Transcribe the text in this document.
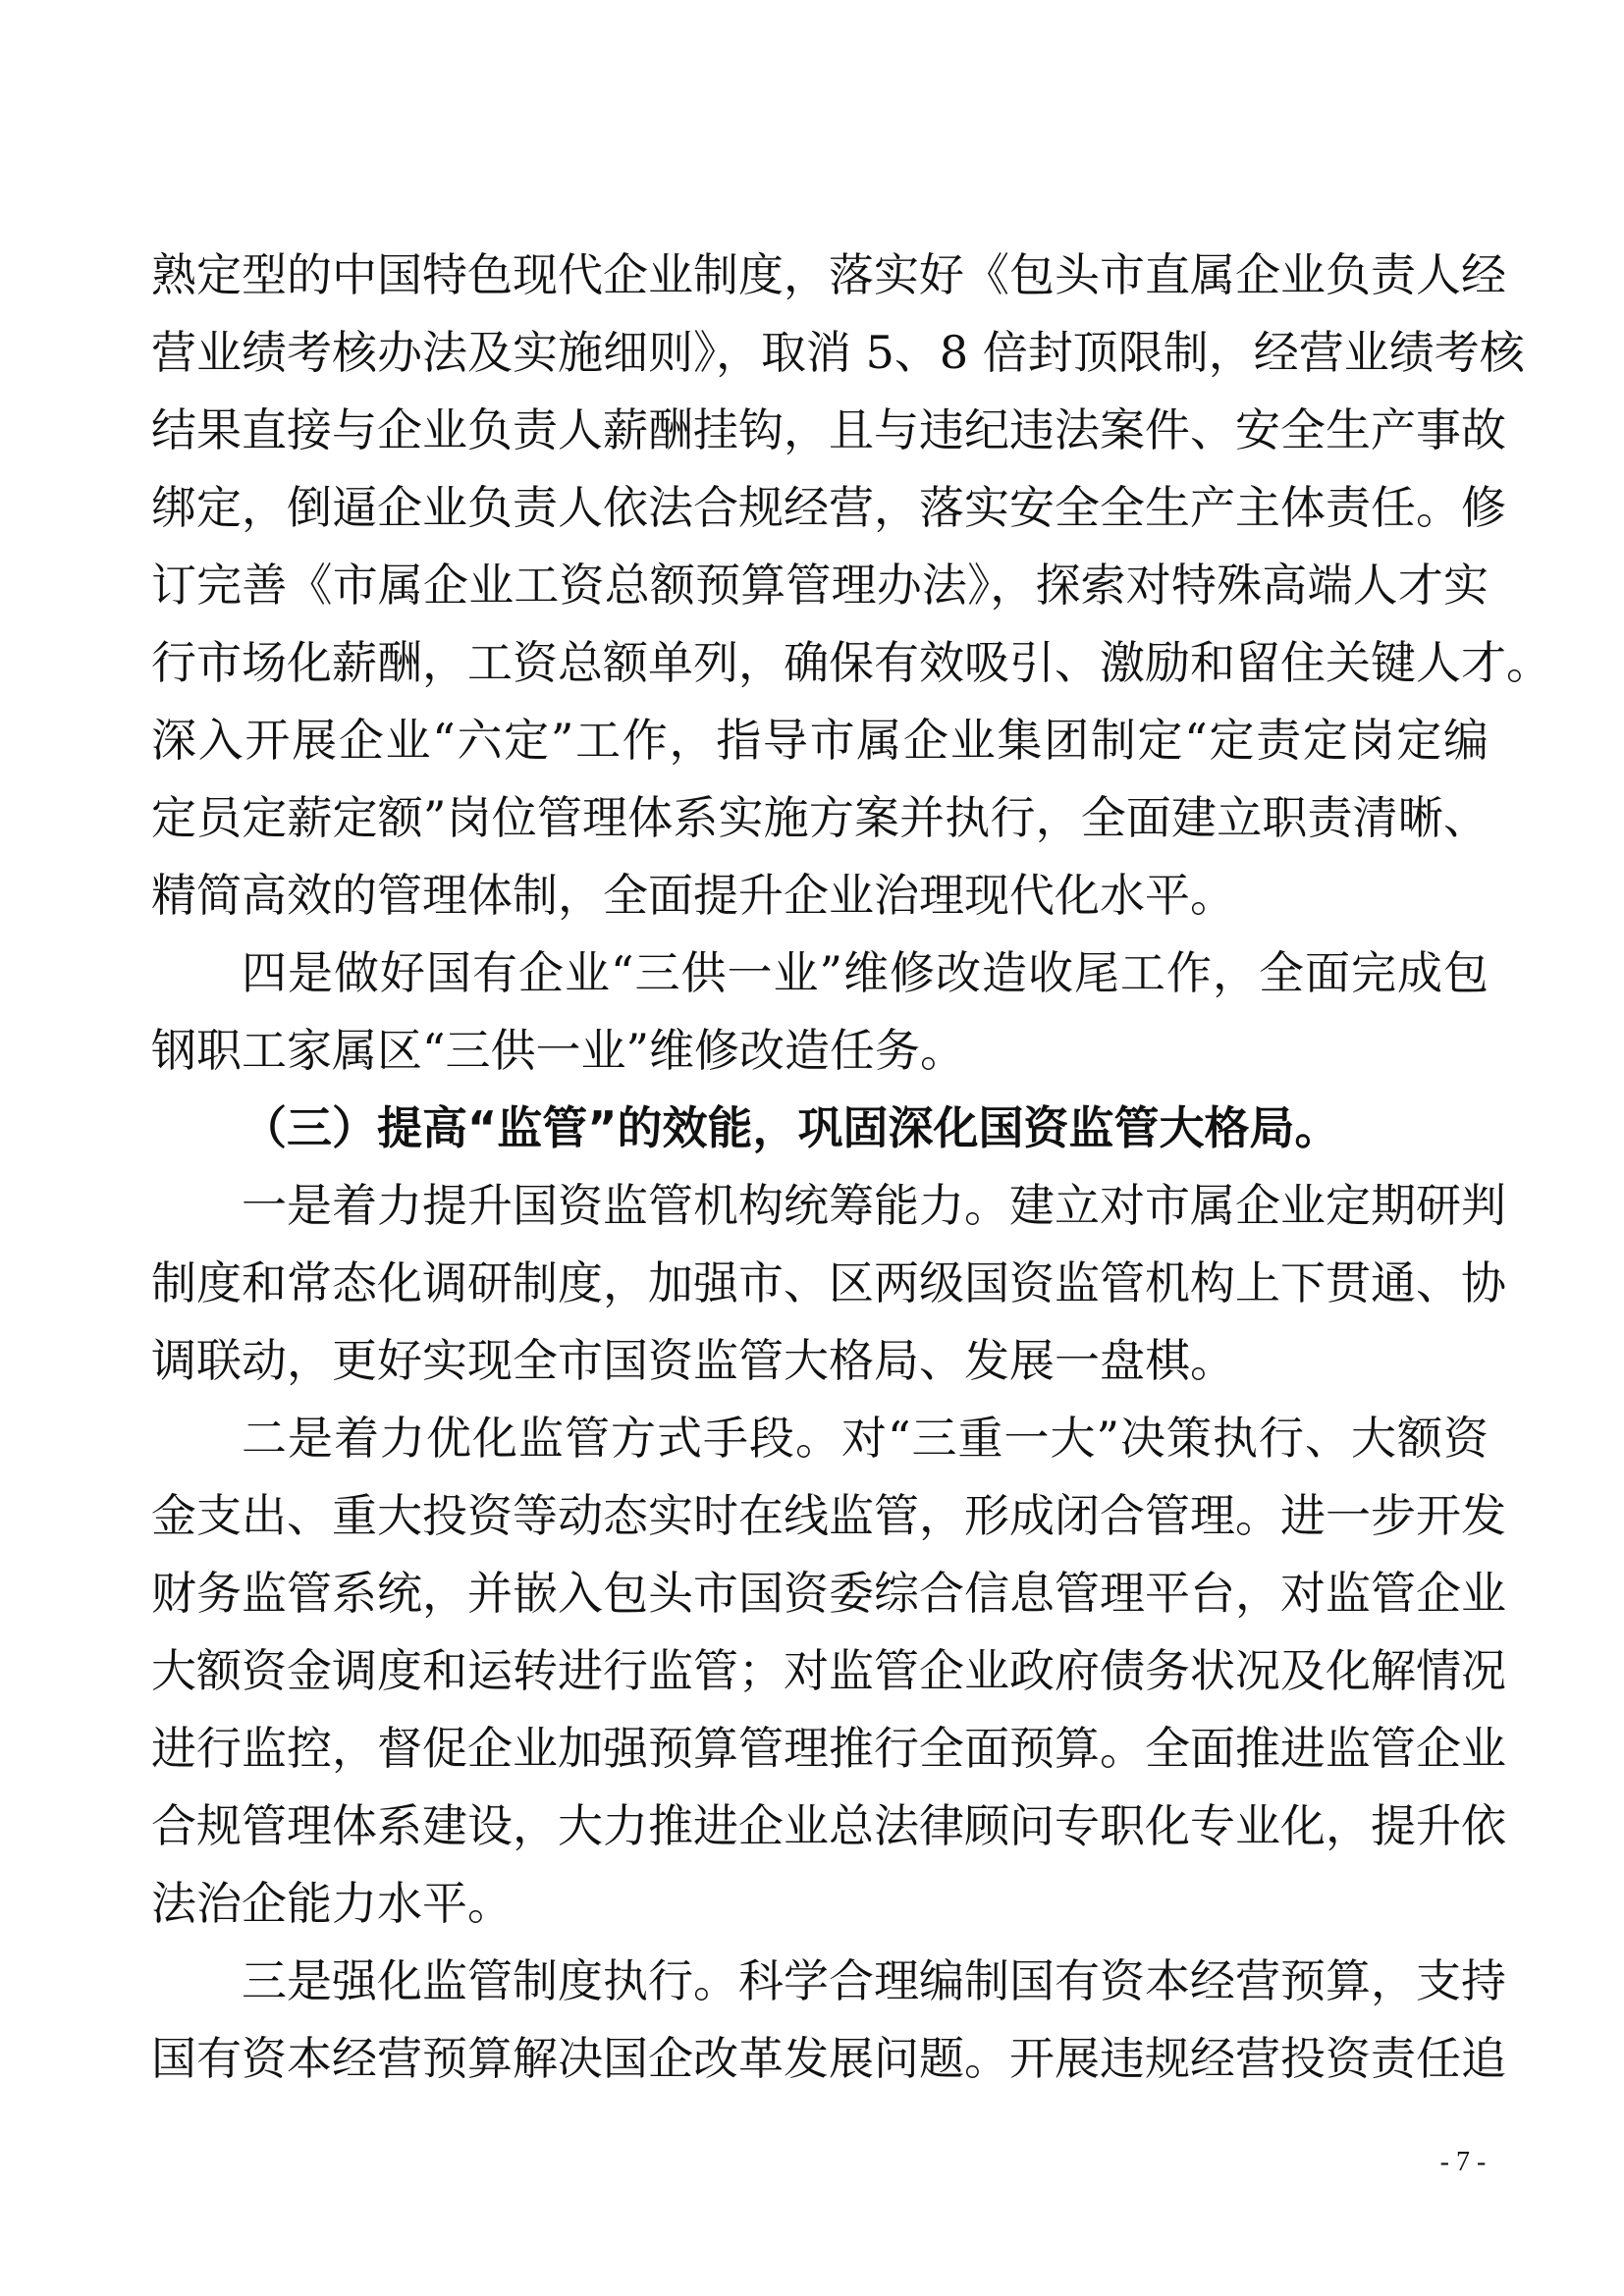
熟定型的中国特色现代企业制度，落实好《包头市直属企业负责人经
营业绩考核办法及实施细则》，取消 5、8 倍封顶限制，经营业绩考核
结果直接与企业负责人薪酬挂钩，且与违纪违法案件、安全生产事故
绑定，倒逼企业负责人依法合规经营，落实安全全生产主体责任。修
订完善《市属企业工资总额预算管理办法》，探索对特殊高端人才实
行市场化薪酬，工资总额单列，确保有效吸引、激励和留住关键人才。
深入开展企业“六定”工作，指导市属企业集团制定“定责定岗定编
定员定薪定额”岗位管理体系实施方案并执行，全面建立职责清晰、
精简高效的管理体制，全面提升企业治理现代化水平。
四是做好国有企业“三供一业”维修改造收尾工作，全面完成包
钢职工家属区“三供一业”维修改造任务。
（三）提高“监管”的效能，巩固深化国资监管大格局。
一是着力提升国资监管机构统筹能力。建立对市属企业定期研判
制度和常态化调研制度，加强市、区两级国资监管机构上下贯通、协
调联动，更好实现全市国资监管大格局、发展一盘棋。
二是着力优化监管方式手段。对“三重一大”决策执行、大额资
金支出、重大投资等动态实时在线监管，形成闭合管理。进一步开发
财务监管系统，并嵌入包头市国资委综合信息管理平台，对监管企业
大额资金调度和运转进行监管；对监管企业政府债务状况及化解情况
进行监控，督促企业加强预算管理推行全面预算。全面推进监管企业
合规管理体系建设，大力推进企业总法律顾问专职化专业化，提升依
法治企能力水平。
三是强化监管制度执行。科学合理编制国有资本经营预算，支持
国有资本经营预算解决国企改革发展问题。开展违规经营投资责任追
- 7 -
